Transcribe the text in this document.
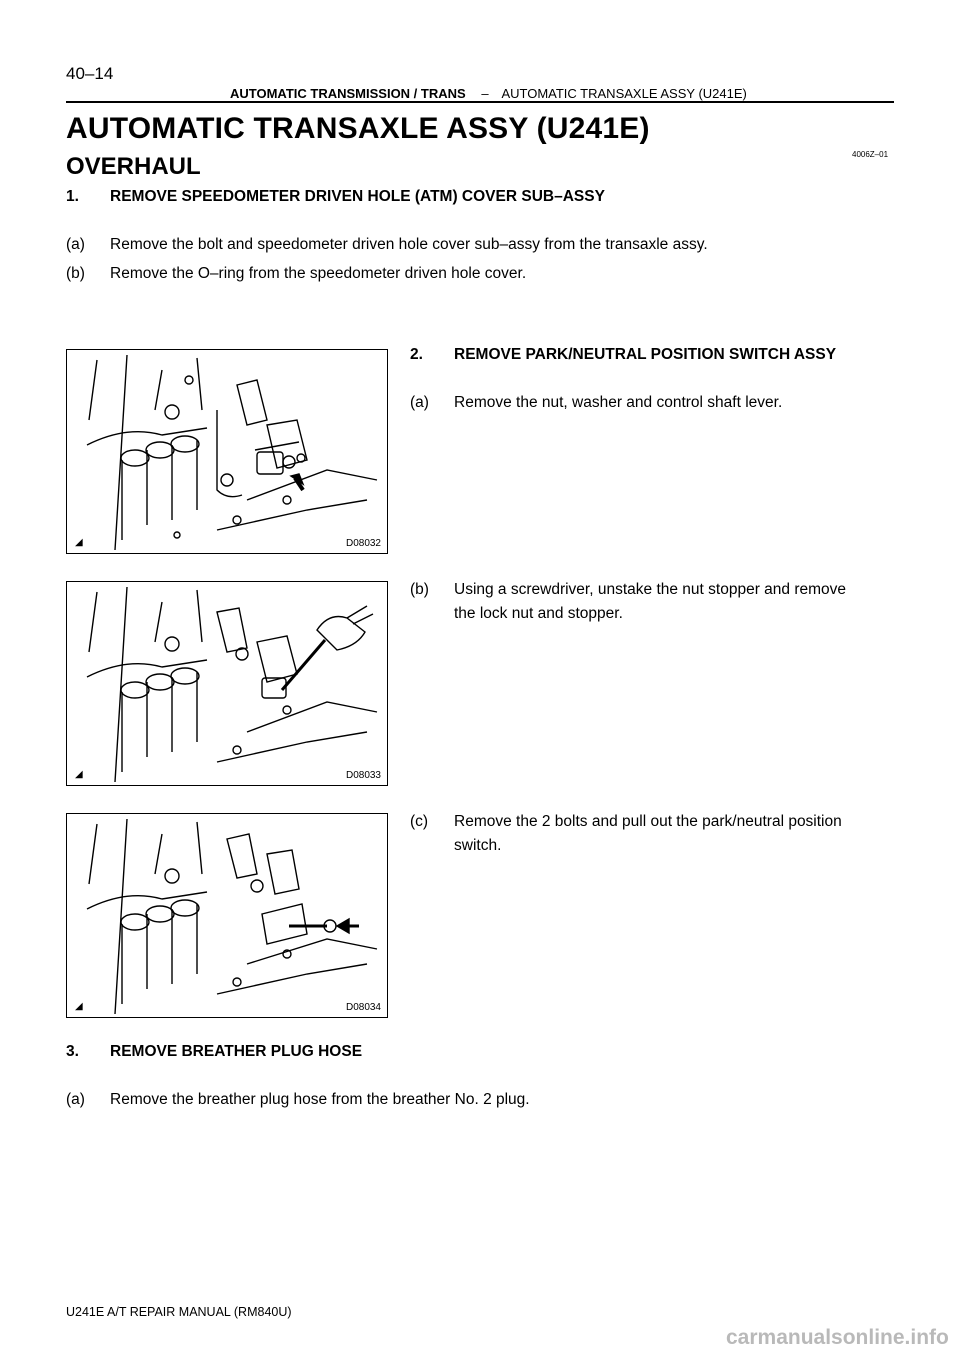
40–14
AUTOMATIC TRANSMISSION / TRANS – AUTOMATIC TRANSAXLE ASSY (U241E)
AUTOMATIC TRANSAXLE ASSY (U241E)
4006Z–01
OVERHAUL
1. REMOVE SPEEDOMETER DRIVEN HOLE (ATM) COVER SUB–ASSY
(a) Remove the bolt and speedometer driven hole cover sub–assy from the transaxle assy.
(b) Remove the O–ring from the speedometer driven hole cover.
2. REMOVE PARK/NEUTRAL POSITION SWITCH ASSY
(a) Remove the nut, washer and control shaft lever.
(b) Using a screwdriver, unstake the nut stopper and remove
the lock nut and stopper.
(c) Remove the 2 bolts and pull out the park/neutral position
switch.
3. REMOVE BREATHER PLUG HOSE
(a) Remove the breather plug hose from the breather No. 2 plug.
◢	D08032
◢	D08033
◢	D08034
U241E A/T REPAIR MANUAL (RM840U)
carmanualsonline.info
